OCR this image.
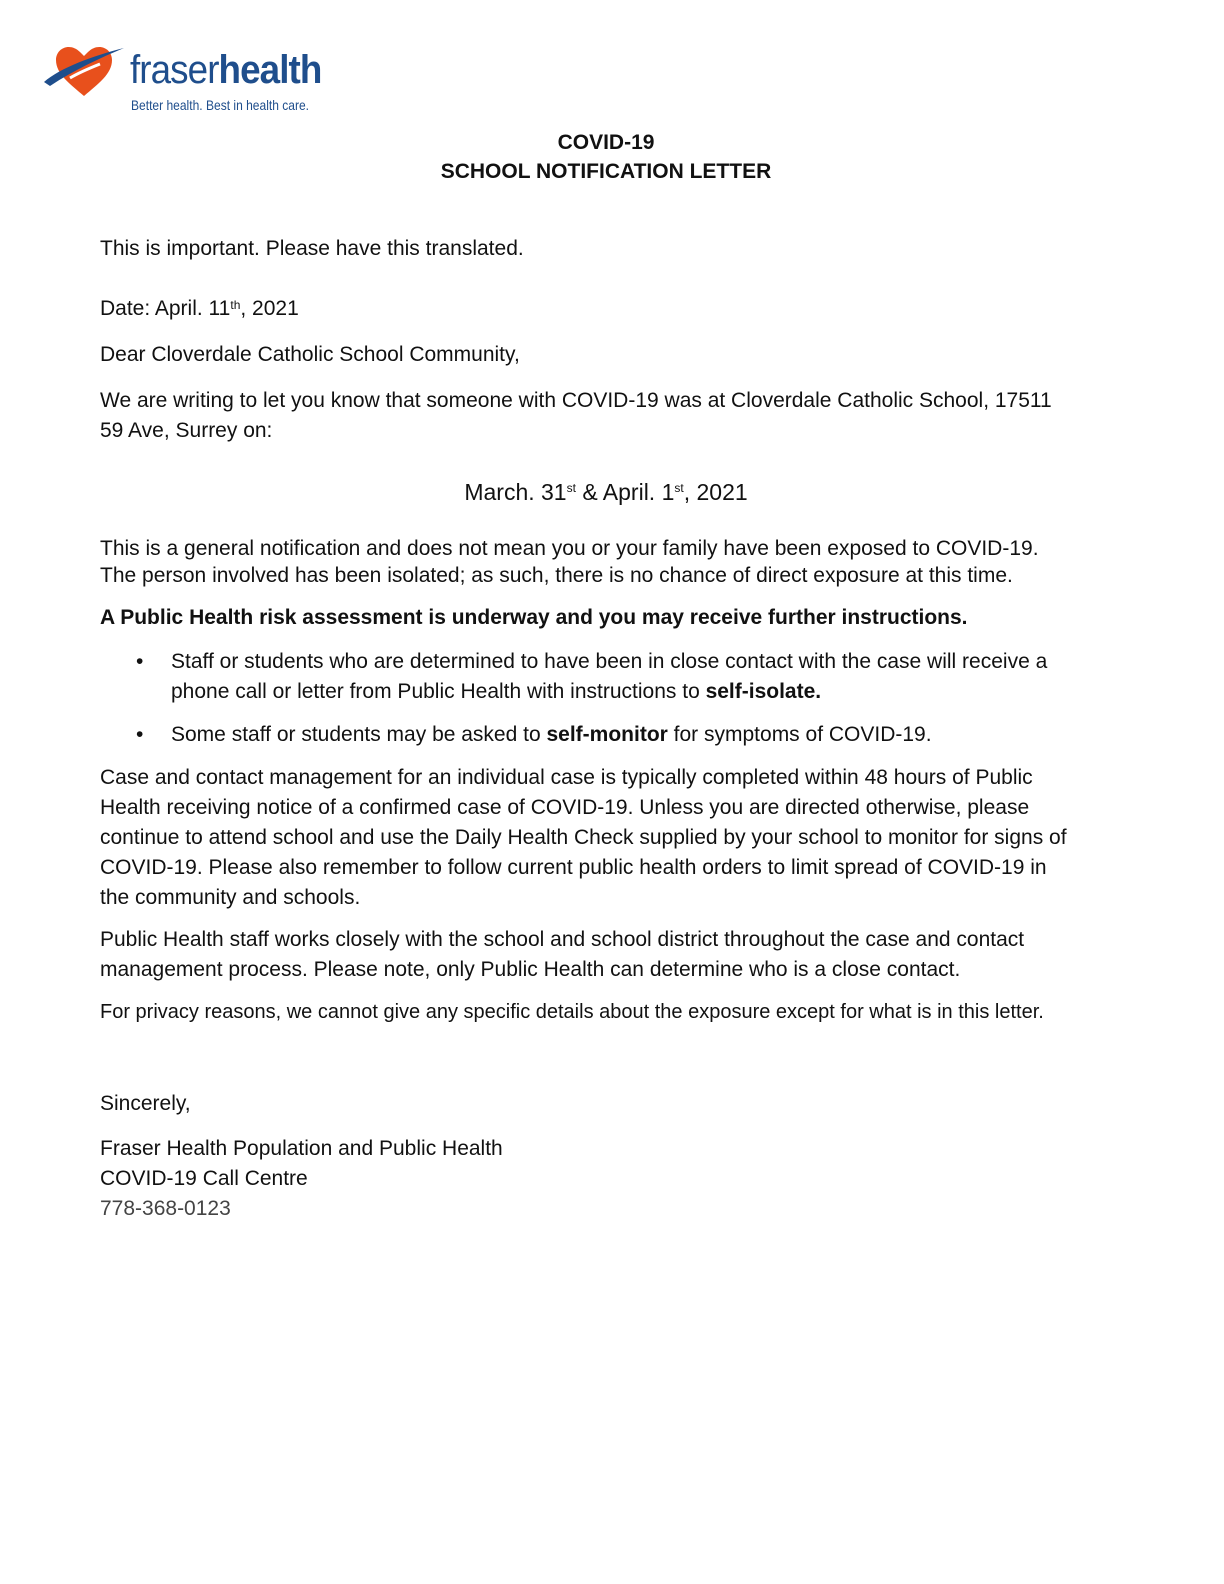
fraserhealth
Better health. Best in health care.
COVID-19
SCHOOL NOTIFICATION LETTER

This is important. Please have this translated.

Date: April. 11th, 2021

Dear Cloverdale Catholic School Community,

We are writing to let you know that someone with COVID-19 was at Cloverdale Catholic School, 17511

59 Ave, Surrey on:

March. 31st & April. 1st, 2021

This is a general notification and does not mean you or your family have been exposed to COVID-19.

The person involved has been isolated; as such, there is no chance of direct exposure at this time.

A Public Health risk assessment is underway and you may receive further instructions.

• Staff or students who are determined to have been in close contact with the case will receive a

phone call or letter from Public Health with instructions to self-isolate.

• Some staff or students may be asked to self-monitor for symptoms of COVID-19.

Case and contact management for an individual case is typically completed within 48 hours of Public

Health receiving notice of a confirmed case of COVID-19. Unless you are directed otherwise, please

continue to attend school and use the Daily Health Check supplied by your school to monitor for signs of

COVID-19. Please also remember to follow current public health orders to limit spread of COVID-19 in

the community and schools.

Public Health staff works closely with the school and school district throughout the case and contact

management process. Please note, only Public Health can determine who is a close contact.

For privacy reasons, we cannot give any specific details about the exposure except for what is in this letter.

Sincerely,

Fraser Health Population and Public Health

COVID-19 Call Centre

778-368-0123
